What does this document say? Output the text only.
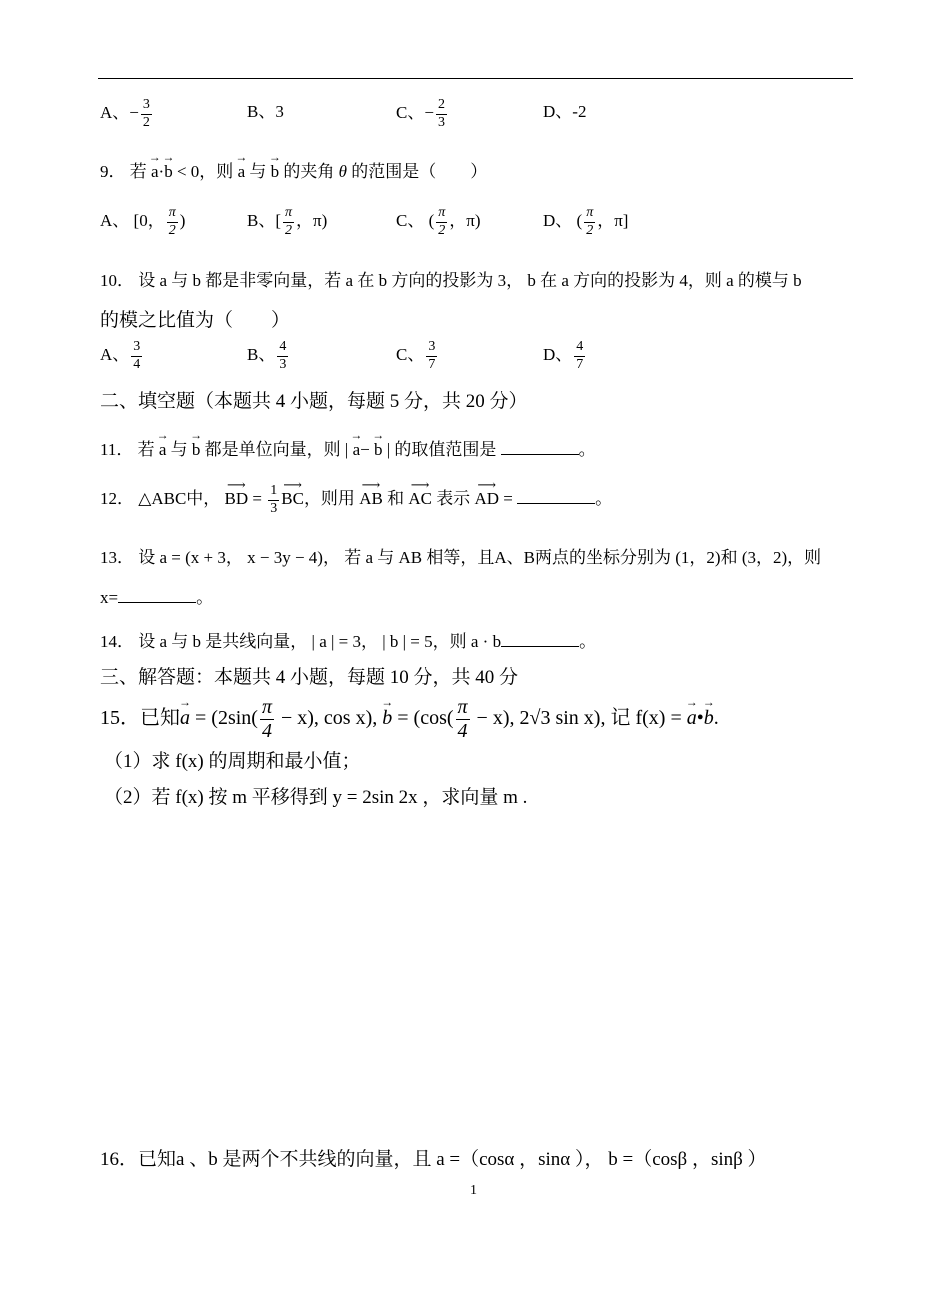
A、− $\frac{3}{2}$	B、3	C、− $\frac{2}{3}$	D、-2
9． 若 → a·→ b < 0，则 → a 与 → b 的夹角 θ 的范围是（　　）
A、 [0， $\frac{\pi}{2}$ )	B、[ $\frac{\pi}{2}$ ，π)	C、 ( $\frac{\pi}{2}$ ，π)	D、 ( $\frac{\pi}{2}$ ，π]
10． 设 a 与 b 都是非零向量，若 a 在 b 方向的投影为 3， b 在 a 方向的投影为 4，则 a 的模与 b
的模之比值为（　　）
A、 $\frac{3}{4}$	B、 $\frac{4}{3}$	C、 $\frac{3}{7}$	D、 $\frac{4}{7}$
二、填空题（本题共 4 小题，每题 5 分，共 20 分）
11． 若 → a 与 → b 都是单位向量，则 | → a− → b | 的取值范围是	。
12． △ABC中， ⟶ BD = $\frac{1}{3}$
⟶ BC，则用 ⟶ AB 和 ⟶ AC 表示 ⟶ AD =	。
13． 设 a = (x + 3， x − 3y − 4)， 若 a 与 AB 相等，且A、B两点的坐标分别为 (1，2)和 (3，2)，则
x=	。
14． 设 a 与 b 是共线向量， | a | = 3， | b | = 5，则 a · b	。
三、解答题：本题共 4 小题，每题 10 分，共 40 分
15．已知→ $a = (2\sin( \frac{\pi}{4} - x)$, cos x), → $b = (\cos( \frac{\pi}{4} - x)$, 2√3 sin x), 记 f(x) = → a•→ b.
（1）求 f(x) 的周期和最小值；
（2）若 f(x) 按 m 平移得到 y = 2sin 2x ，求向量 m .
16．已知a 、b 是两个不共线的向量，且 a =（cosα ，sinα ）， b =（cosβ ，sinβ ）
1
